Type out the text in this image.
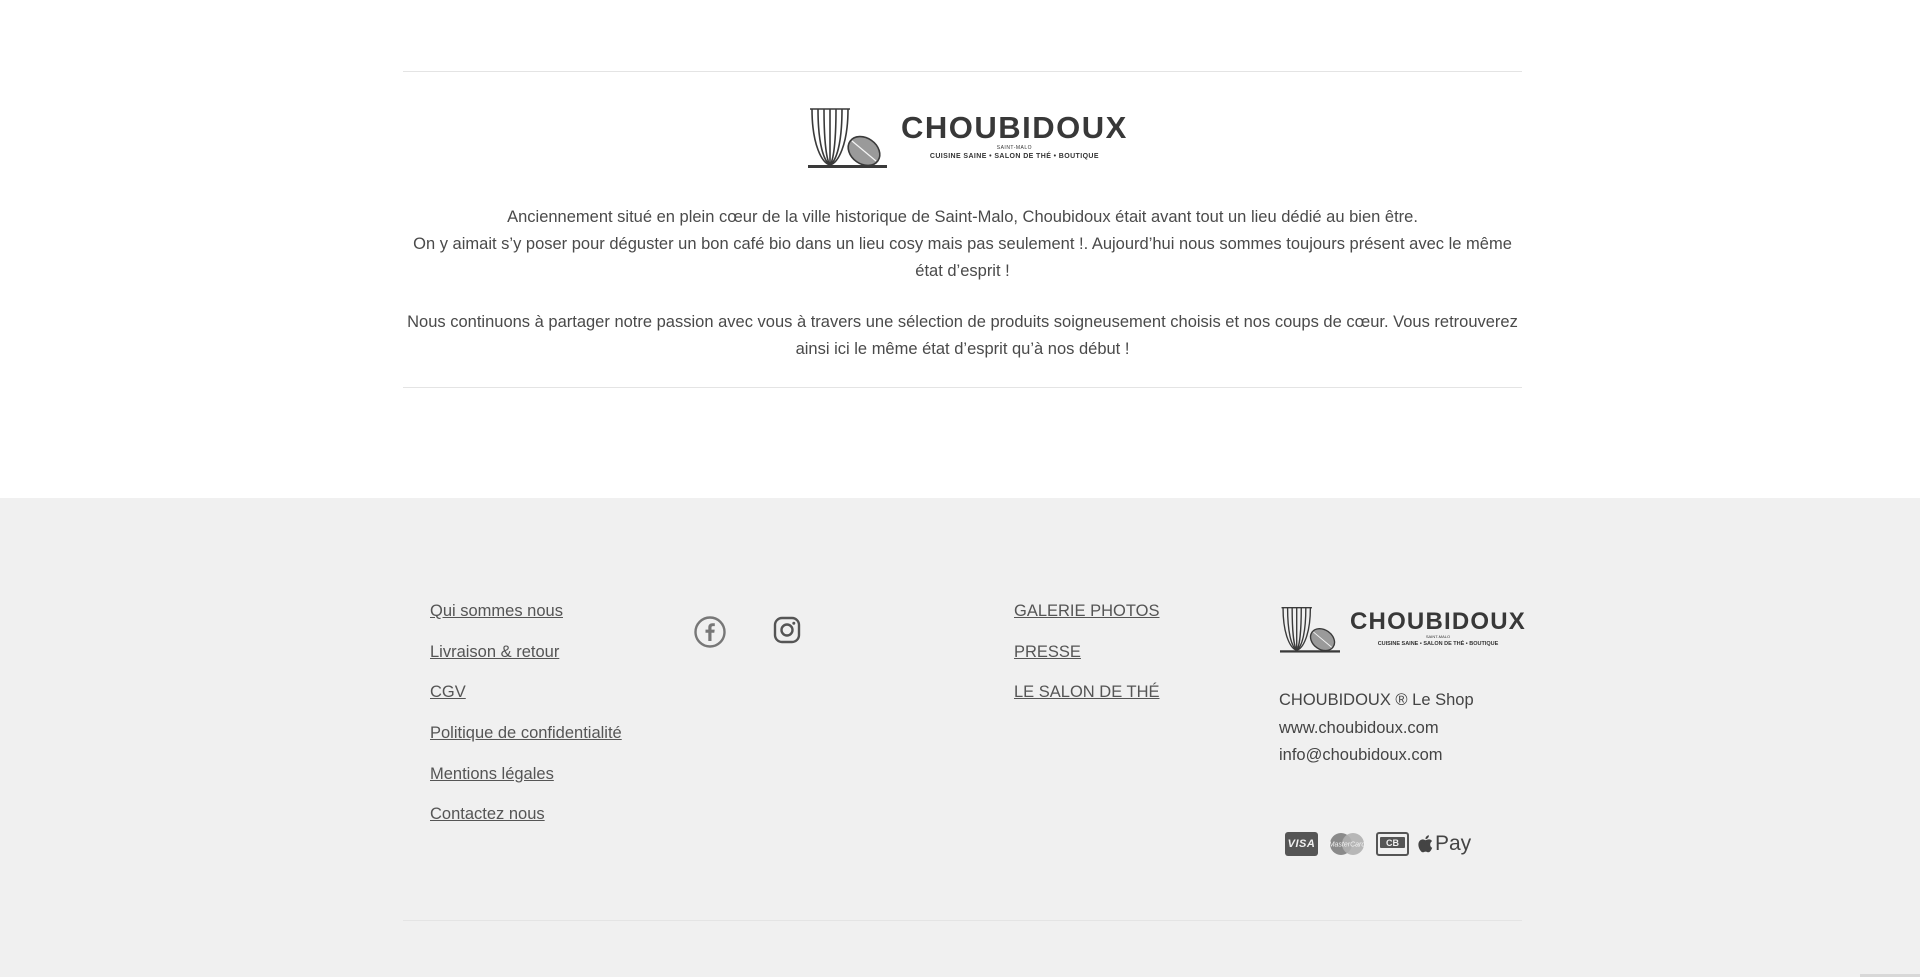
CHOUBIDOUX
SAINT-MALO
CUISINE SAINE • SALON DE THÉ • BOUTIQUE

Anciennement situé en plein cœur de la ville historique de Saint-Malo, Choubidoux était avant tout un lieu dédié au bien être.
On y aimait s’y poser pour déguster un bon café bio dans un lieu cosy mais pas seulement !. Aujourd’hui nous sommes toujours présent avec le même état d’esprit !

Nous continuons à partager notre passion avec vous à travers une sélection de produits soigneusement choisis et nos coups de cœur. Vous retrouverez ainsi ici le même état d’esprit qu’à nos début !

Qui sommes nous
Livraison & retour
CGV
Politique de confidentialité
Mentions légales
Contactez nous
GALERIE PHOTOS
PRESSE
LE SALON DE THÉ
CHOUBIDOUX
SAINT-MALO
CUISINE SAINE • SALON DE THÉ • BOUTIQUE
CHOUBIDOUX ® Le Shop
www.choubidoux.com
info@choubidoux.com
VISA	MasterCard CB Pay
